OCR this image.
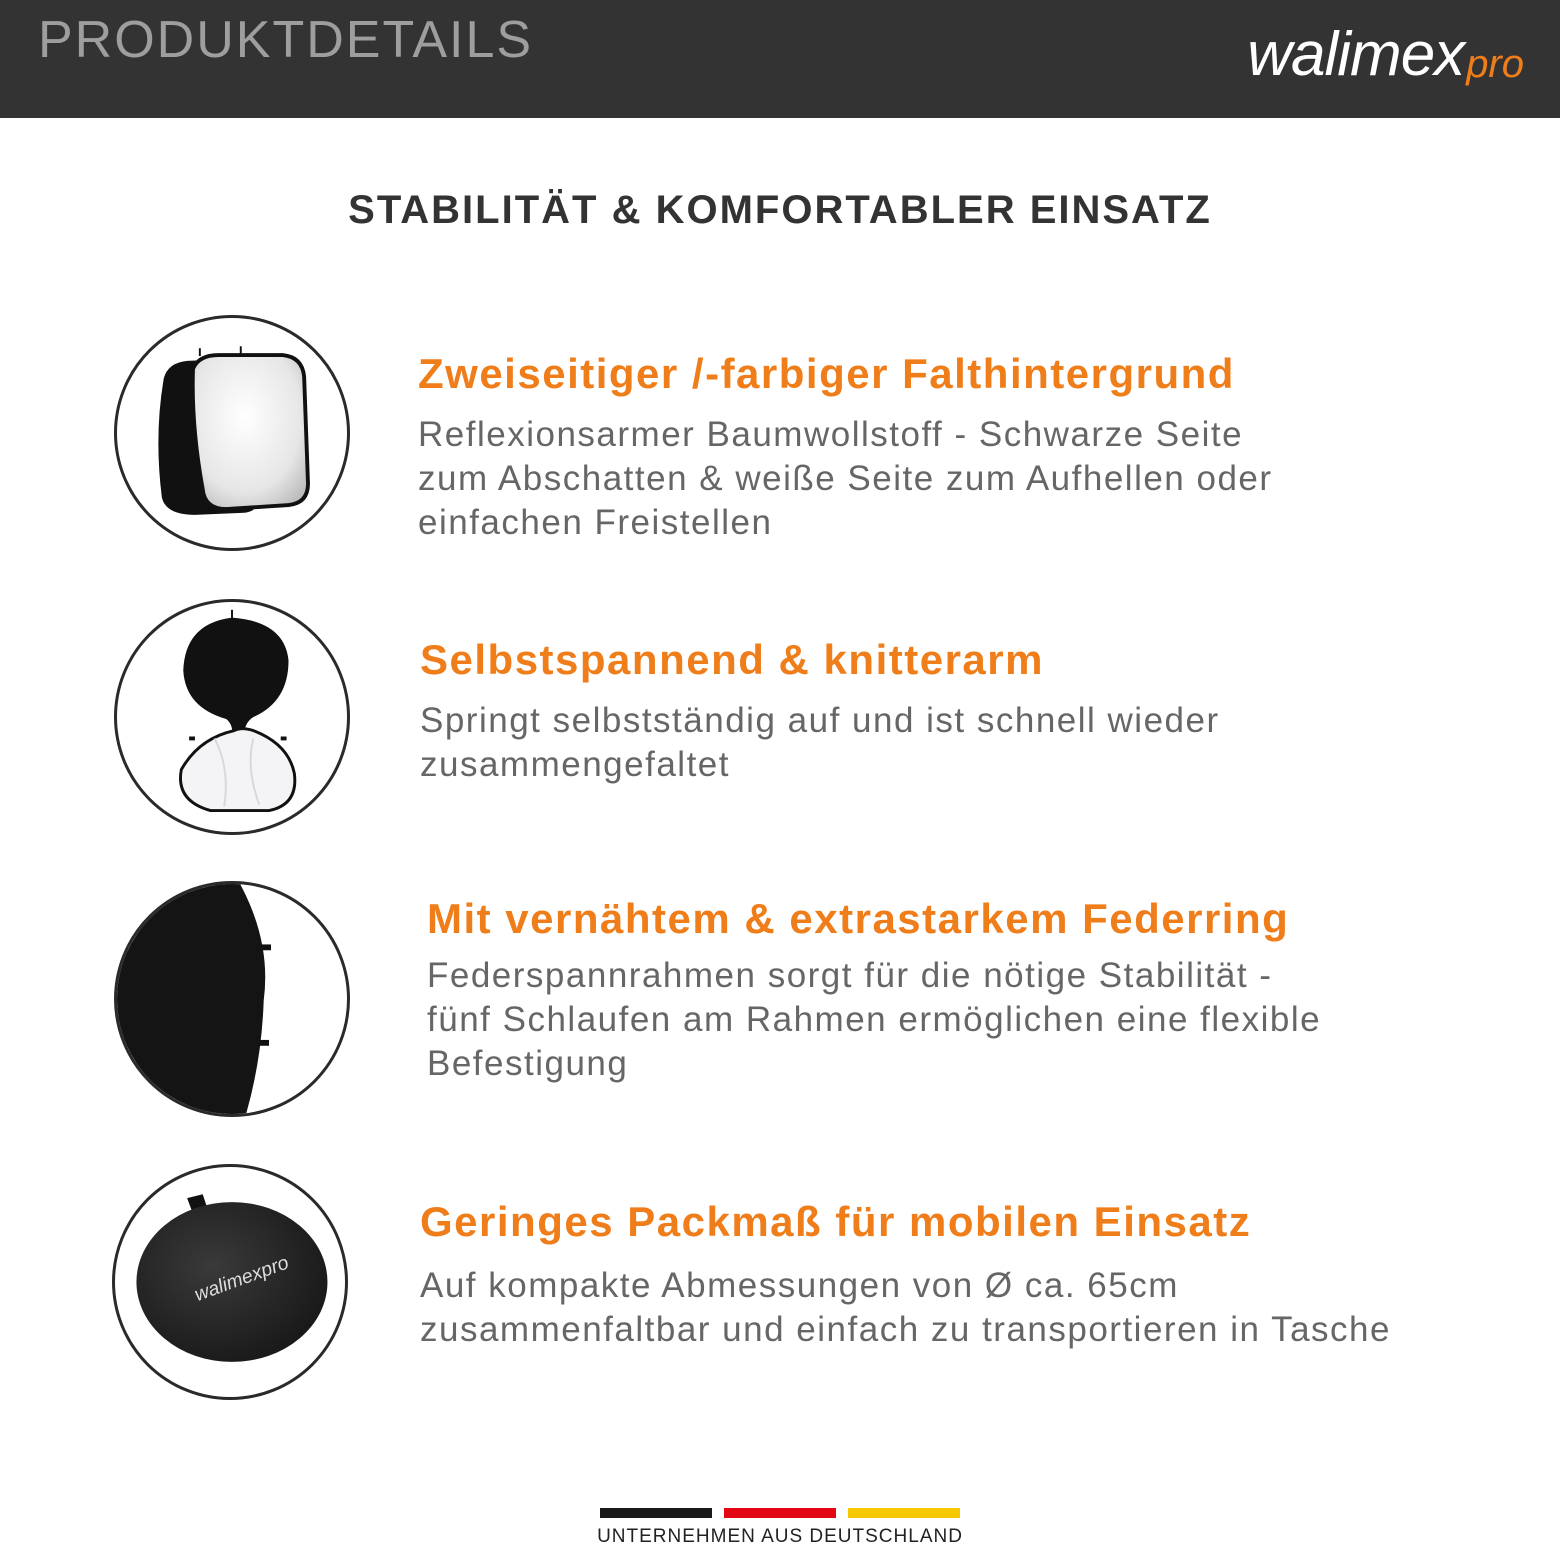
PRODUKTDETAILS	walimex pro
STABILITÄT & KOMFORTABLER EINSATZ
Zweiseitiger /-farbiger Falthintergrund
Reflexionsarmer Baumwollstoff - Schwarze Seite
zum Abschatten & weiße Seite zum Aufhellen oder
einfachen Freistellen
Selbstspannend & knitterarm
Springt selbstständig auf und ist schnell wieder
zusammengefaltet
Mit vernähtem & extrastarkem Federring
Federspannrahmen sorgt für die nötige Stabilität -
fünf Schlaufen am Rahmen ermöglichen eine flexible
Befestigung
walimexpro
Geringes Packmaß für mobilen Einsatz
Auf kompakte Abmessungen von Ø ca. 65cm
zusammenfaltbar und einfach zu transportieren in Tasche
UNTERNEHMEN AUS DEUTSCHLAND
